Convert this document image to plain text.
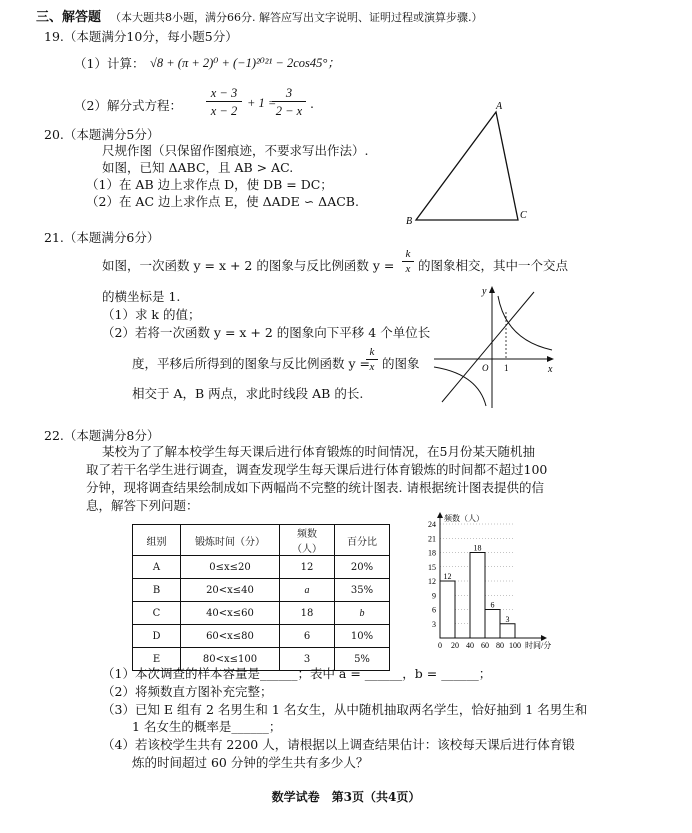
三、解答题 （本大题共8小题，满分66分. 解答应写出文字说明、证明过程或演算步骤.）
19.（本题满分10分，每小题5分）
（1）计算： √8 + (π + 2)⁰ + (−1)²⁰²¹ − 2cos45°；
（2）解分式方程：
x − 3
x − 2
+ 1 =
3
2 − x .
20.（本题满分5分）
尺规作图（只保留作图痕迹，不要求写出作法）.
如图，已知 ΔABC，且 AB > AC.
（1）在 AB 边上求作点 D，使 DB = DC；
（2）在 AC 边上求作点 E，使 ΔADE ∽ ΔACB.
A
B
C
21.（本题满分6分）
如图，一次函数 y = x + 2 的图象与反比例函数 y =
k
x 的图象相交，其中一个交点
的横坐标是 1.
（1）求 k 的值；
（2）若将一次函数 y = x + 2 的图象向下平移 4 个单位长
度，平移后所得到的图象与反比例函数 y =
k
x 的图象
相交于 A，B 两点，求此时线段 AB 的长.
y
x
O 1
22.（本题满分8分）
某校为了了解本校学生每天课后进行体育锻炼的时间情况，在5月份某天随机抽
取了若干名学生进行调查，调查发现学生每天课后进行体育锻炼的时间都不超过100
分钟，现将调查结果绘制成如下两幅尚不完整的统计图表. 请根据统计图表提供的信
息，解答下列问题：
组别	锻炼时间（分）	频数（人）	百分比
A	0≤x≤20	12	20%
B	20<x≤40	a	35%
C	40<x≤60	18	b
D	60<x≤80	6	10%
E	80<x≤100	3	5%
3
6
9
12
15
18
21
24
12
18
6
3
0 20 40 60 80 100 时间/分
频数（人）
（1）本次调查的样本容量是______；表中 a = ______，b = ______；
（2）将频数直方图补充完整；
（3）已知 E 组有 2 名男生和 1 名女生，从中随机抽取两名学生，恰好抽到 1 名男生和
1 名女生的概率是______；
（4）若该校学生共有 2200 人，请根据以上调查结果估计：该校每天课后进行体育锻
炼的时间超过 60 分钟的学生共有多少人？
数学试卷　第3页（共4页）
